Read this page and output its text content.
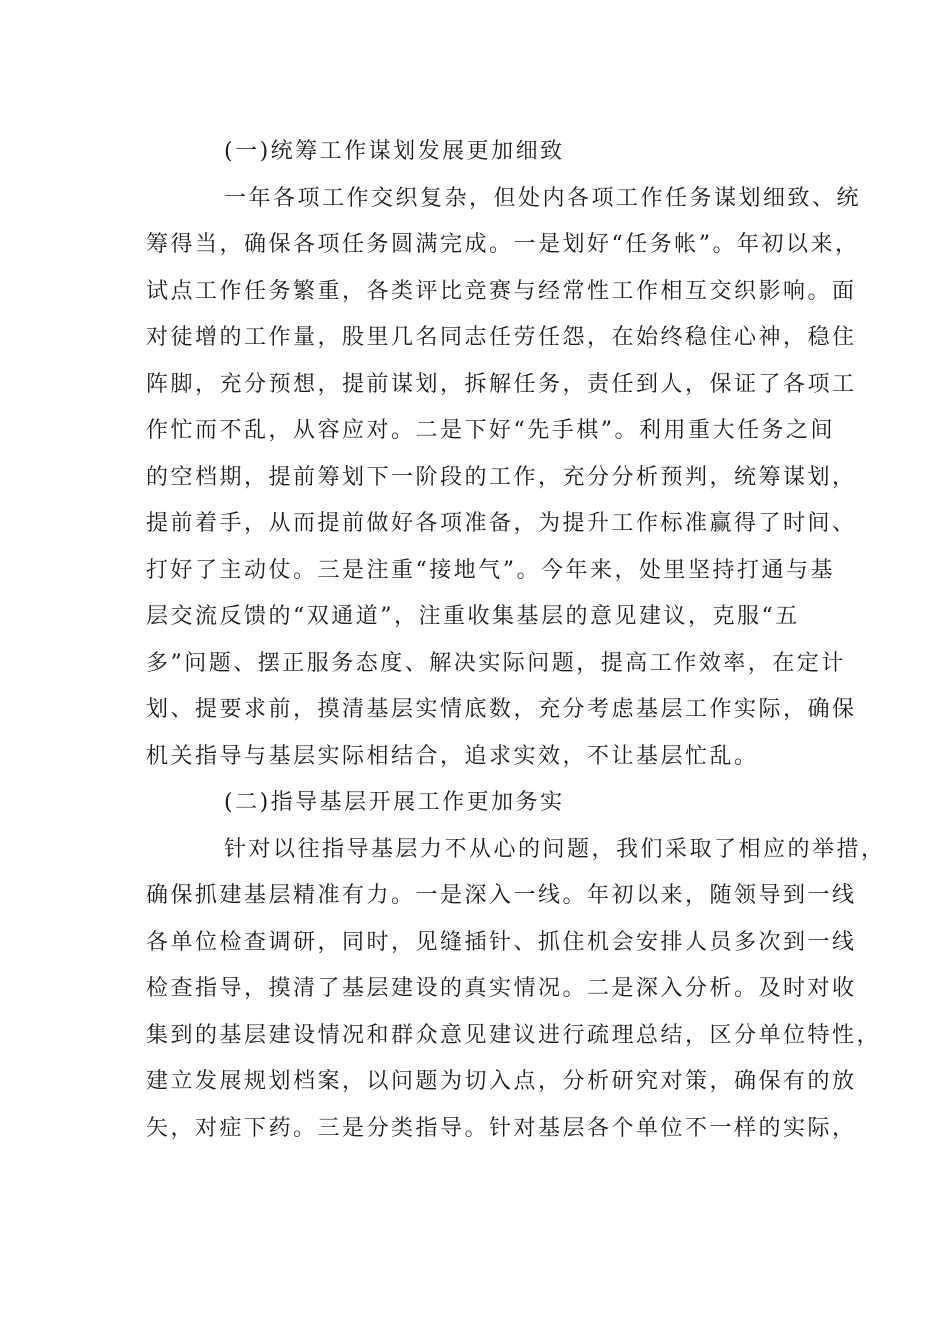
(一)统筹工作谋划发展更加细致
一年各项工作交织复杂，但处内各项工作任务谋划细致、统
筹得当，确保各项任务圆满完成。一是划好“任务帐”。年初以来，
试点工作任务繁重，各类评比竞赛与经常性工作相互交织影响。面
对徒增的工作量，股里几名同志任劳任怨，在始终稳住心神，稳住
阵脚，充分预想，提前谋划，拆解任务，责任到人，保证了各项工
作忙而不乱，从容应对。二是下好“先手棋”。利用重大任务之间
的空档期，提前筹划下一阶段的工作，充分分析预判，统筹谋划，
提前着手，从而提前做好各项准备，为提升工作标准赢得了时间、
打好了主动仗。三是注重“接地气”。今年来，处里坚持打通与基
层交流反馈的“双通道”，注重收集基层的意见建议，克服“五
多”问题、摆正服务态度、解决实际问题，提高工作效率，在定计
划、提要求前，摸清基层实情底数，充分考虑基层工作实际，确保
机关指导与基层实际相结合，追求实效，不让基层忙乱。
(二)指导基层开展工作更加务实
针对以往指导基层力不从心的问题，我们采取了相应的举措，
确保抓建基层精准有力。一是深入一线。年初以来，随领导到一线
各单位检查调研，同时，见缝插针、抓住机会安排人员多次到一线
检查指导，摸清了基层建设的真实情况。二是深入分析。及时对收
集到的基层建设情况和群众意见建议进行疏理总结，区分单位特性，
建立发展规划档案，以问题为切入点，分析研究对策，确保有的放
矢，对症下药。三是分类指导。针对基层各个单位不一样的实际，
